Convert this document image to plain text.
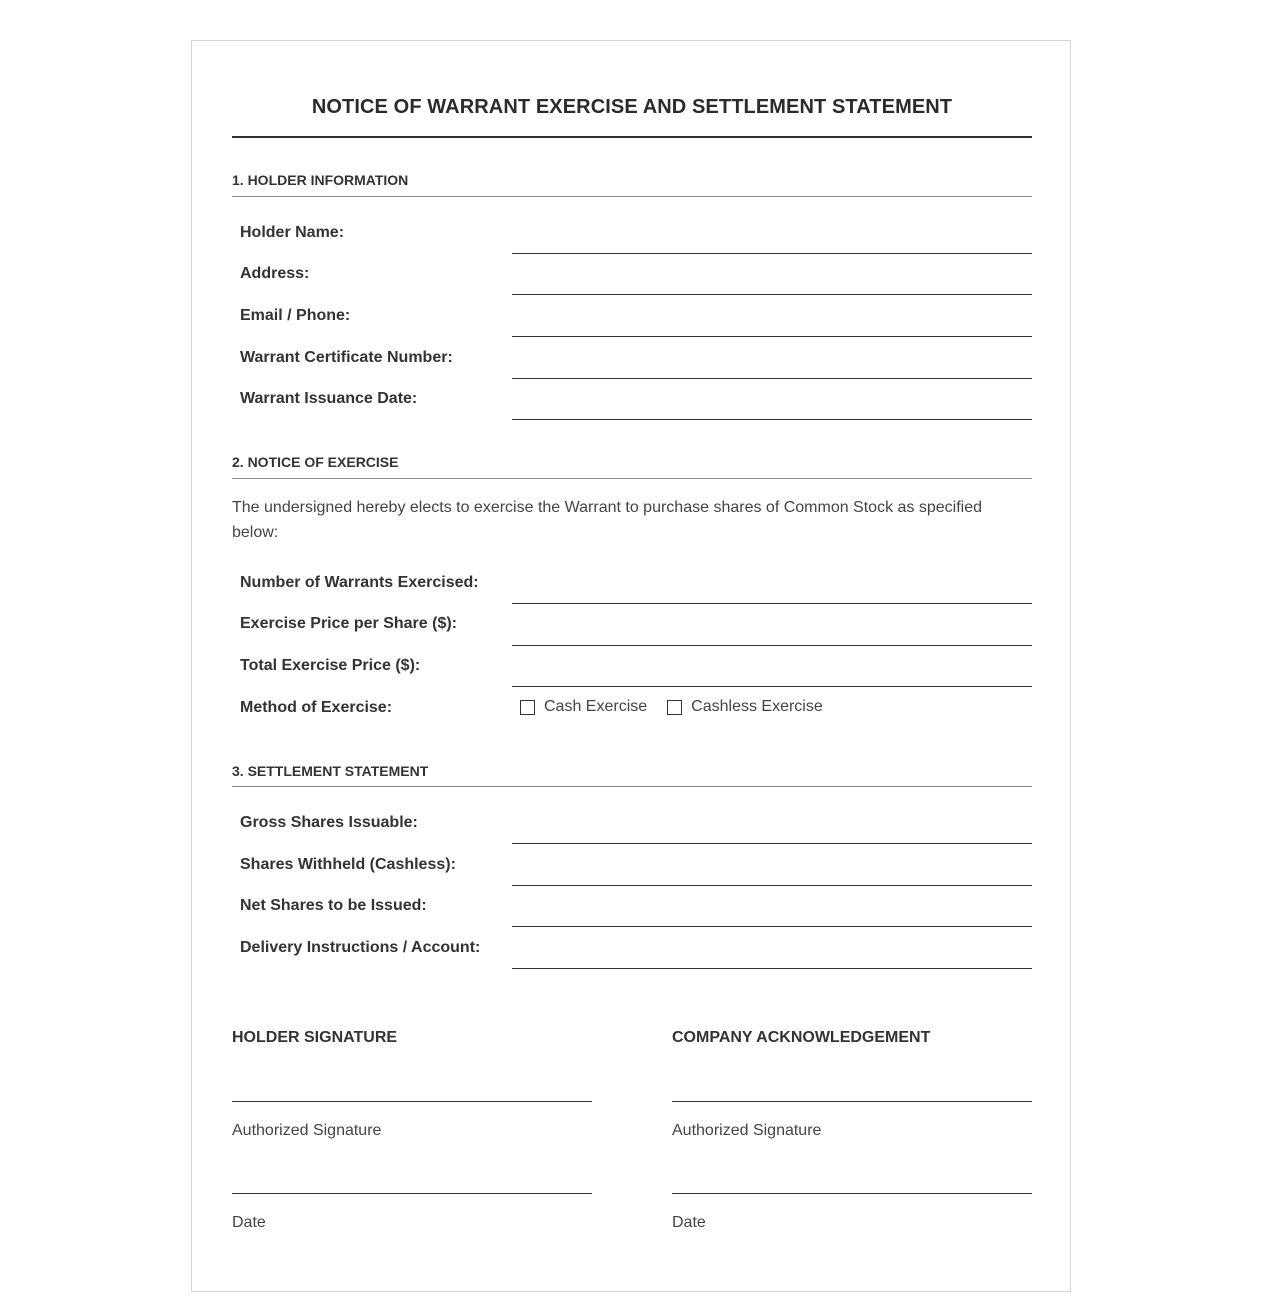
NOTICE OF WARRANT EXERCISE AND SETTLEMENT STATEMENT
1. HOLDER INFORMATION
Holder Name:
Address:
Email / Phone:
Warrant Certificate Number:
Warrant Issuance Date:
2. NOTICE OF EXERCISE
The undersigned hereby elects to exercise the Warrant to purchase shares of Common Stock as specified below:
Number of Warrants Exercised:
Exercise Price per Share ($):
Total Exercise Price ($):
Method of Exercise:	Cash Exercise	Cashless Exercise
3. SETTLEMENT STATEMENT
Gross Shares Issuable:
Shares Withheld (Cashless):
Net Shares to be Issued:
Delivery Instructions / Account:
HOLDER SIGNATURE
Authorized Signature
Date
COMPANY ACKNOWLEDGEMENT
Authorized Signature
Date
